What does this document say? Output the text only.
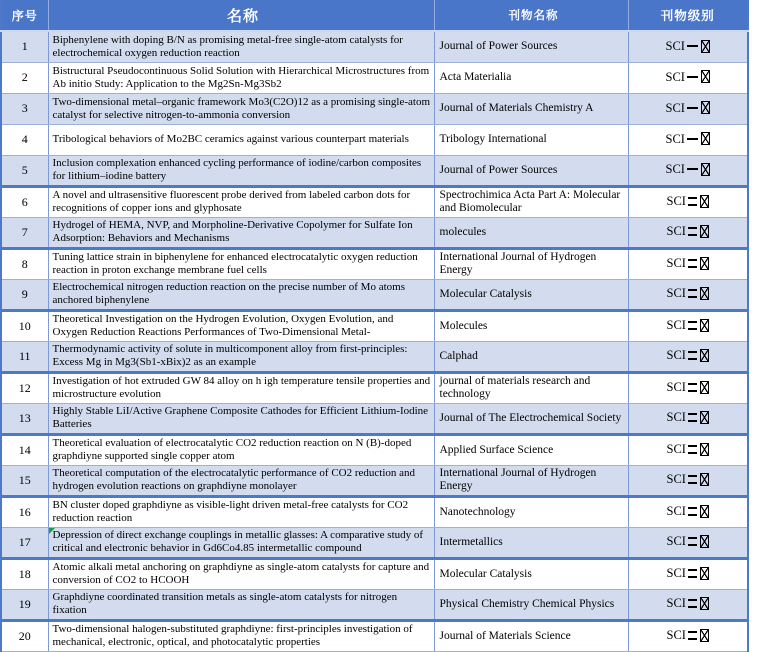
序号	名称	刊物名称	刊物级别
1	Biphenylene with doping B/N as promising metal-free single-atom catalysts for electrochemical oxygen reduction reaction	Journal of Power Sources	SCI
2	Bistructural Pseudocontinuous Solid Solution with Hierarchical Microstructures from Ab initio Study: Application to the Mg2Sn-Mg3Sb2	Acta Materialia	SCI
3	Two-dimensional metal–organic framework Mo3(C2O)12 as a promising single-atom catalyst for selective nitrogen-to-ammonia conversion	Journal of Materials Chemistry A	SCI
4	Tribological behaviors of Mo2BC ceramics against various counterpart materials	Tribology International	SCI
5	Inclusion complexation enhanced cycling performance of iodine/carbon composites for lithium–iodine battery	Journal of Power Sources	SCI
6	A novel and ultrasensitive fluorescent probe derived from labeled carbon dots for recognitions of copper ions and glyphosate	Spectrochimica Acta Part A: Molecular and Biomolecular	SCI
7	Hydrogel of HEMA, NVP, and Morpholine-Derivative Copolymer for Sulfate Ion Adsorption: Behaviors and Mechanisms	molecules	SCI
8	Tuning lattice strain in biphenylene for enhanced electrocatalytic oxygen reduction reaction in proton exchange membrane fuel cells	International Journal of Hydrogen Energy	SCI
9	Electrochemical nitrogen reduction reaction on the precise number of Mo atoms anchored biphenylene	Molecular Catalysis	SCI
10	Theoretical Investigation on the Hydrogen Evolution, Oxygen Evolution, and Oxygen Reduction Reactions Performances of Two-Dimensional Metal-	Molecules	SCI
11	Thermodynamic activity of solute in multicomponent alloy from first-principles: Excess Mg in Mg3(Sb1-xBix)2 as an example	Calphad	SCI
12	Investigation of hot extruded GW 84 alloy on h igh temperature tensile properties and microstructure evolution	journal of materials research and technology	SCI
13	Highly Stable LiI/Active Graphene Composite Cathodes for Efficient Lithium-Iodine Batteries	Journal of The Electrochemical Society	SCI
14	Theoretical evaluation of electrocatalytic CO2 reduction reaction on N (B)-doped graphdiyne supported single copper atom	Applied Surface Science	SCI
15	Theoretical computation of the electrocatalytic performance of CO2 reduction and hydrogen evolution reactions on graphdiyne monolayer	International Journal of Hydrogen Energy	SCI
16	BN cluster doped graphdiyne as visible-light driven metal-free catalysts for CO2 reduction reaction	Nanotechnology	SCI
17	Depression of direct exchange couplings in metallic glasses: A comparative study of critical and electronic behavior in Gd6Co4.85 intermetallic compound	Intermetallics	SCI
18	Atomic alkali metal anchoring on graphdiyne as single-atom catalysts for capture and conversion of CO2 to HCOOH	Molecular Catalysis	SCI
19	Graphdiyne coordinated transition metals as single-atom catalysts for nitrogen fixation	Physical Chemistry Chemical Physics	SCI
20	Two-dimensional halogen-substituted graphdiyne: first-principles investigation of mechanical, electronic, optical, and photocatalytic properties	Journal of Materials Science	SCI
